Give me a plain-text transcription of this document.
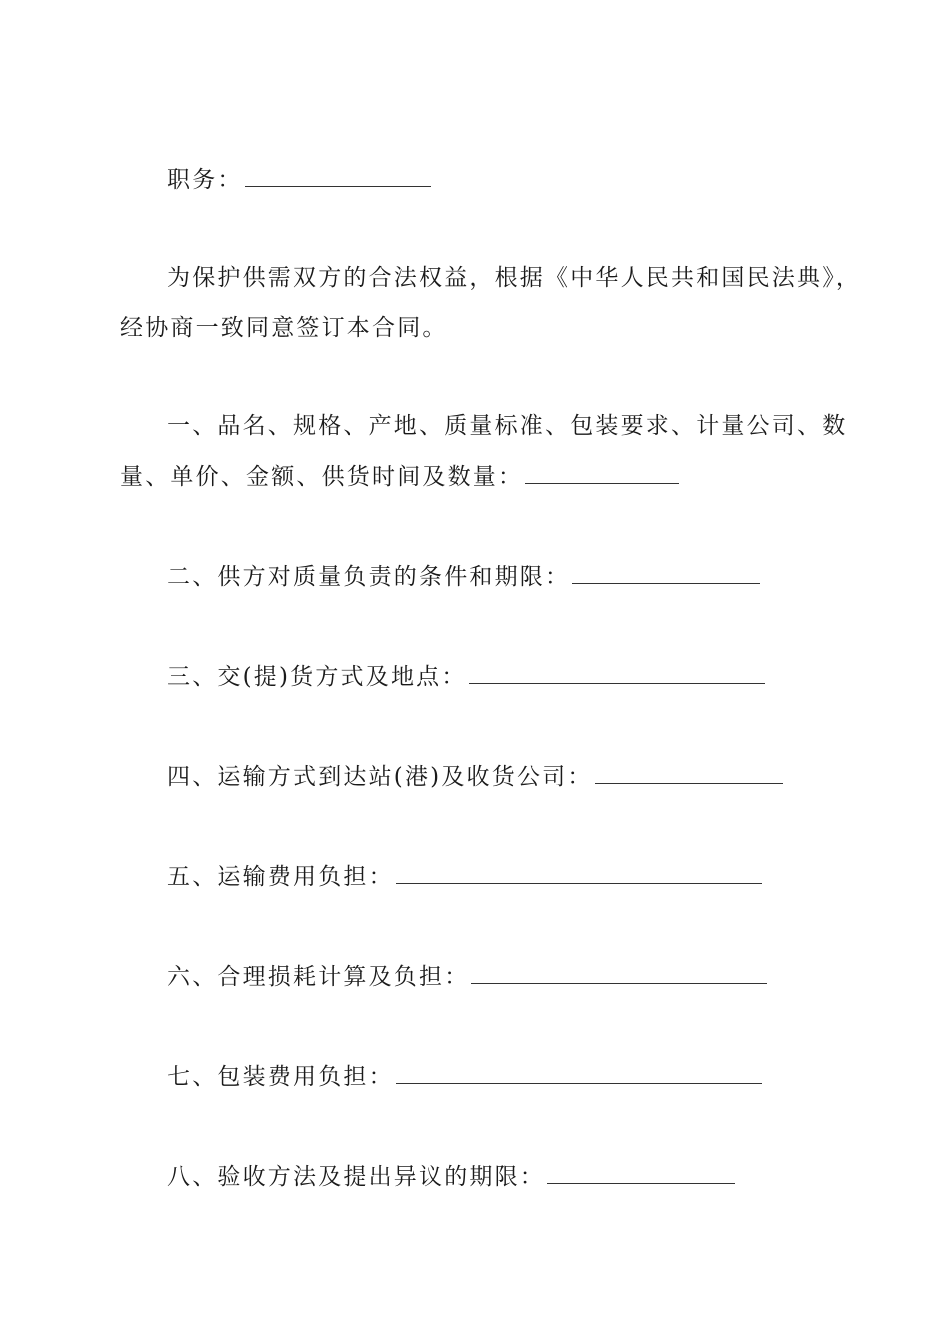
职务：
为保护供需双方的合法权益，根据《中华人民共和国民法典》，
经协商一致同意签订本合同。
一、品名、规格、产地、质量标准、包装要求、计量公司、数
量、单价、金额、供货时间及数量：
二、供方对质量负责的条件和期限：
三、交(提)货方式及地点：
四、运输方式到达站(港)及收货公司：
五、运输费用负担：
六、合理损耗计算及负担：
七、包装费用负担：
八、验收方法及提出异议的期限：
